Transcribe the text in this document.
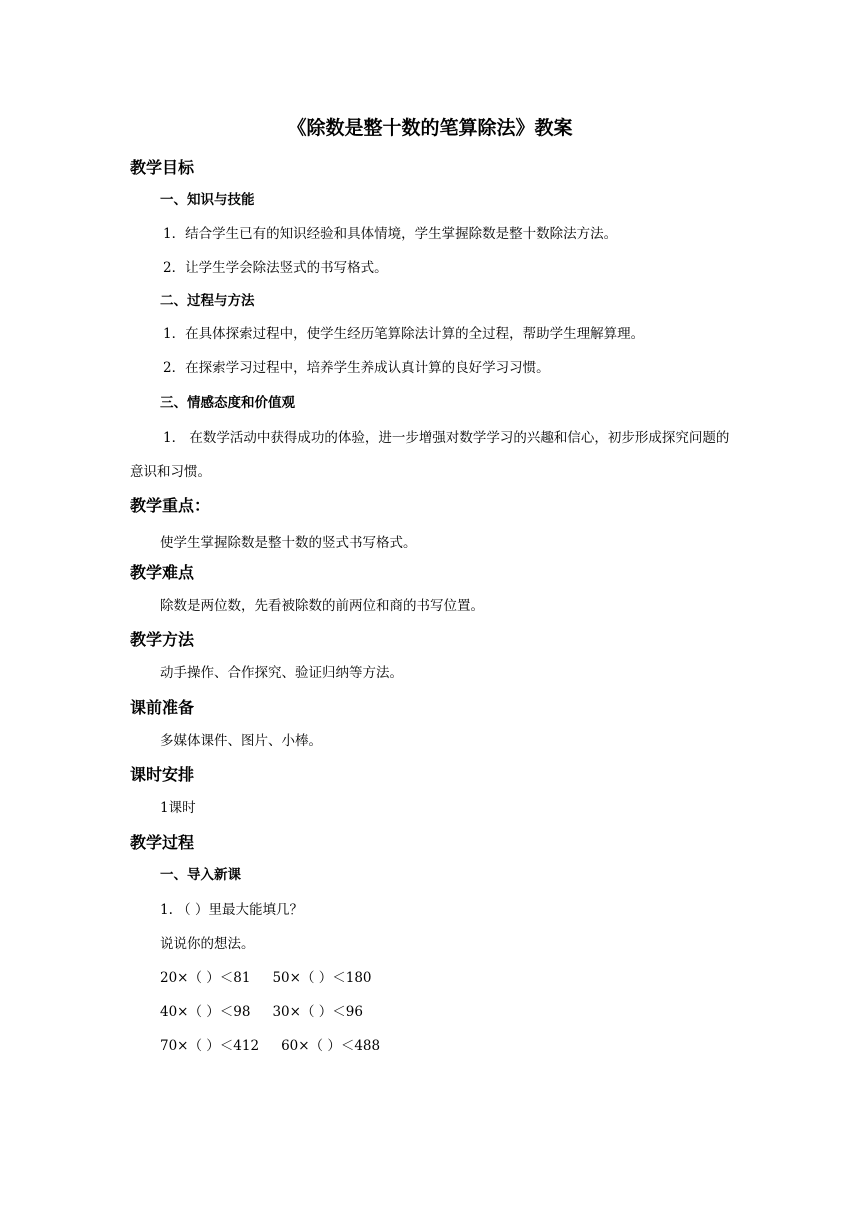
《除数是整十数的笔算除法》教案
教学目标
一、知识与技能
1．结合学生已有的知识经验和具体情境，学生掌握除数是整十数除法方法。
2．让学生学会除法竖式的书写格式。
二、过程与方法
1．在具体探索过程中，使学生经历笔算除法计算的全过程，帮助学生理解算理。
2．在探索学习过程中，培养学生养成认真计算的良好学习习惯。
三、情感态度和价值观
1． 在数学活动中获得成功的体验，进一步增强对数学学习的兴趣和信心，初步形成探究问题的意识和习惯。
教学重点：
使学生掌握除数是整十数的竖式书写格式。
教学难点
除数是两位数，先看被除数的前两位和商的书写位置。
教学方法
动手操作、合作探究、验证归纳等方法。
课前准备
多媒体课件、图片、小棒。
课时安排
1课时
教学过程
一、导入新课
1. （ ）里最大能填几？
说说你的想法。
20×（ ）＜81 50×（ ）＜180
40×（ ）＜98 30×（ ）＜96
70×（ ）＜412 60×（ ）＜488
